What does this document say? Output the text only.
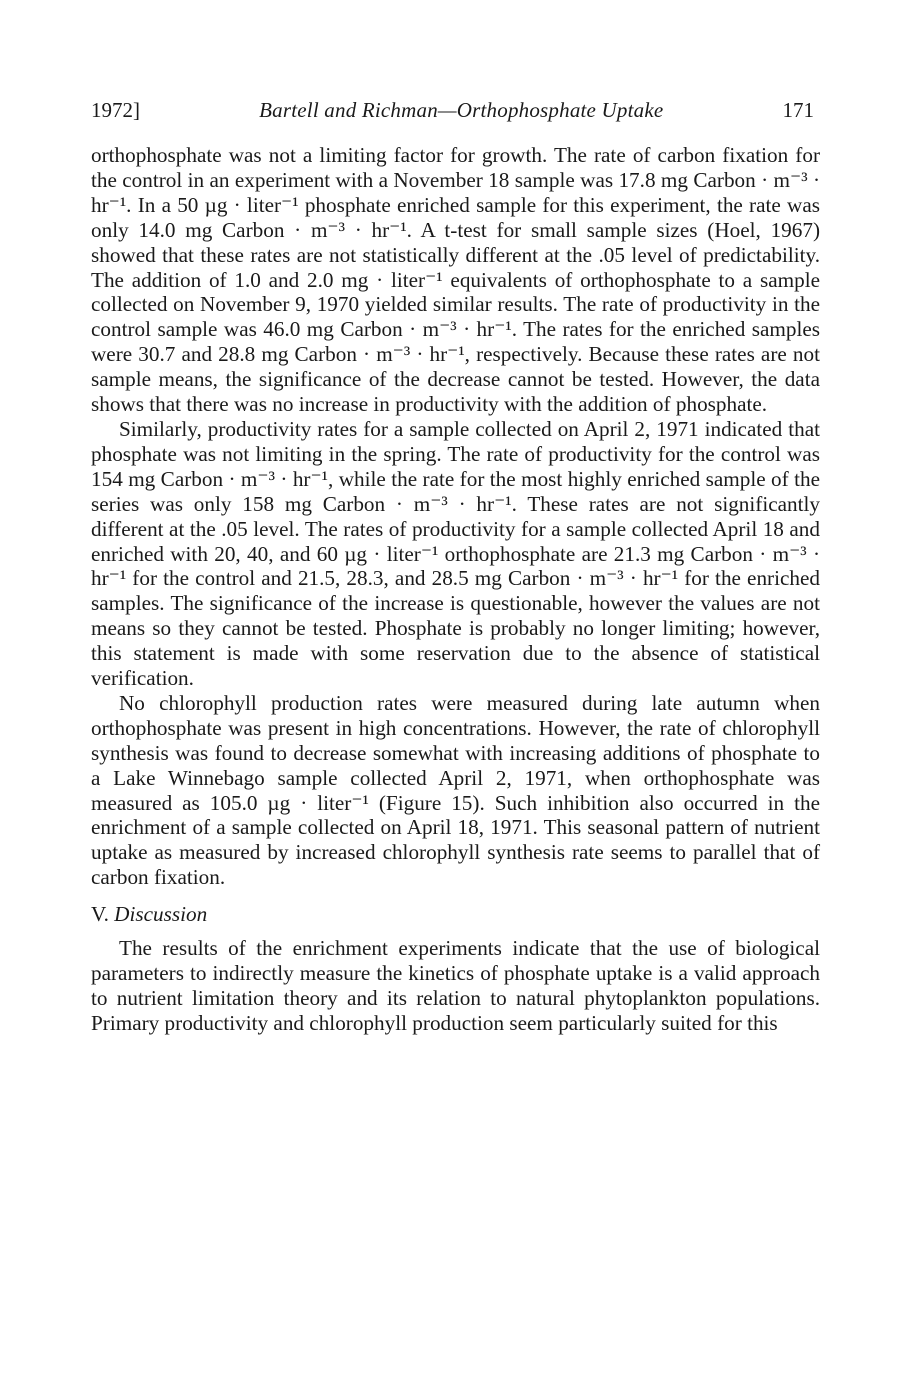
1972]	Bartell and Richman—Orthophosphate Uptake	171

orthophosphate was not a limiting factor for growth. The rate of carbon fixation for the control in an experiment with a November 18 sample was 17.8 mg Carbon · m⁻³ · hr⁻¹. In a 50 µg · liter⁻¹ phosphate enriched sample for this experiment, the rate was only 14.0 mg Carbon · m⁻³ · hr⁻¹. A t-test for small sample sizes (Hoel, 1967) showed that these rates are not statistically different at the .05 level of predictability. The addition of 1.0 and 2.0 mg · liter⁻¹ equivalents of orthophosphate to a sample collected on November 9, 1970 yielded similar results. The rate of productivity in the control sample was 46.0 mg Carbon · m⁻³ · hr⁻¹. The rates for the enriched samples were 30.7 and 28.8 mg Carbon · m⁻³ · hr⁻¹, respectively. Because these rates are not sample means, the significance of the decrease cannot be tested. However, the data shows that there was no increase in productivity with the addition of phosphate.

Similarly, productivity rates for a sample collected on April 2, 1971 indicated that phosphate was not limiting in the spring. The rate of productivity for the control was 154 mg Carbon · m⁻³ · hr⁻¹, while the rate for the most highly enriched sample of the series was only 158 mg Carbon · m⁻³ · hr⁻¹. These rates are not significantly different at the .05 level. The rates of productivity for a sample collected April 18 and enriched with 20, 40, and 60 µg · liter⁻¹ orthophosphate are 21.3 mg Carbon · m⁻³ · hr⁻¹ for the control and 21.5, 28.3, and 28.5 mg Carbon · m⁻³ · hr⁻¹ for the enriched samples. The significance of the increase is questionable, however the values are not means so they cannot be tested. Phosphate is probably no longer limiting; however, this statement is made with some reservation due to the absence of statistical verification.

No chlorophyll production rates were measured during late autumn when orthophosphate was present in high concentrations. However, the rate of chlorophyll synthesis was found to decrease somewhat with increasing additions of phosphate to a Lake Winnebago sample collected April 2, 1971, when orthophosphate was measured as 105.0 µg · liter⁻¹ (Figure 15). Such inhibition also occurred in the enrichment of a sample collected on April 18, 1971. This seasonal pattern of nutrient uptake as measured by increased chlorophyll synthesis rate seems to parallel that of carbon fixation.

V. Discussion

The results of the enrichment experiments indicate that the use of biological parameters to indirectly measure the kinetics of phosphate uptake is a valid approach to nutrient limitation theory and its relation to natural phytoplankton populations. Primary productivity and chlorophyll production seem particularly suited for this
